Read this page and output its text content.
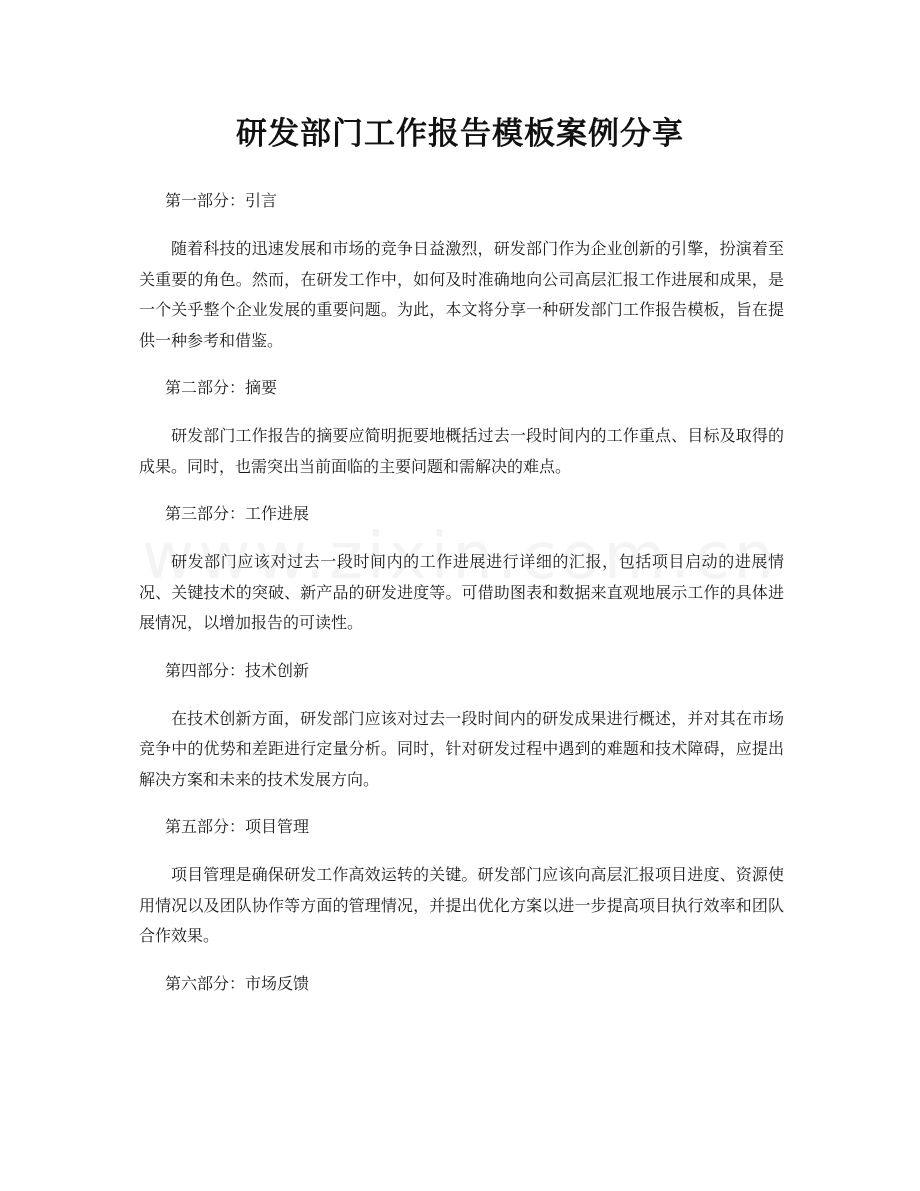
研发部门工作报告模板案例分享

第一部分：引言

随着科技的迅速发展和市场的竞争日益激烈，研发部门作为企业创新的引擎，扮演着至关重要的角色。然而，在研发工作中，如何及时准确地向公司高层汇报工作进展和成果，是一个关乎整个企业发展的重要问题。为此，本文将分享一种研发部门工作报告模板，旨在提供一种参考和借鉴。

第二部分：摘要

研发部门工作报告的摘要应简明扼要地概括过去一段时间内的工作重点、目标及取得的成果。同时，也需突出当前面临的主要问题和需解决的难点。

第三部分：工作进展

研发部门应该对过去一段时间内的工作进展进行详细的汇报，包括项目启动的进展情况、关键技术的突破、新产品的研发进度等。可借助图表和数据来直观地展示工作的具体进展情况，以增加报告的可读性。

第四部分：技术创新

在技术创新方面，研发部门应该对过去一段时间内的研发成果进行概述，并对其在市场竞争中的优势和差距进行定量分析。同时，针对研发过程中遇到的难题和技术障碍，应提出解决方案和未来的技术发展方向。

第五部分：项目管理

项目管理是确保研发工作高效运转的关键。研发部门应该向高层汇报项目进度、资源使用情况以及团队协作等方面的管理情况，并提出优化方案以进一步提高项目执行效率和团队合作效果。

第六部分：市场反馈
